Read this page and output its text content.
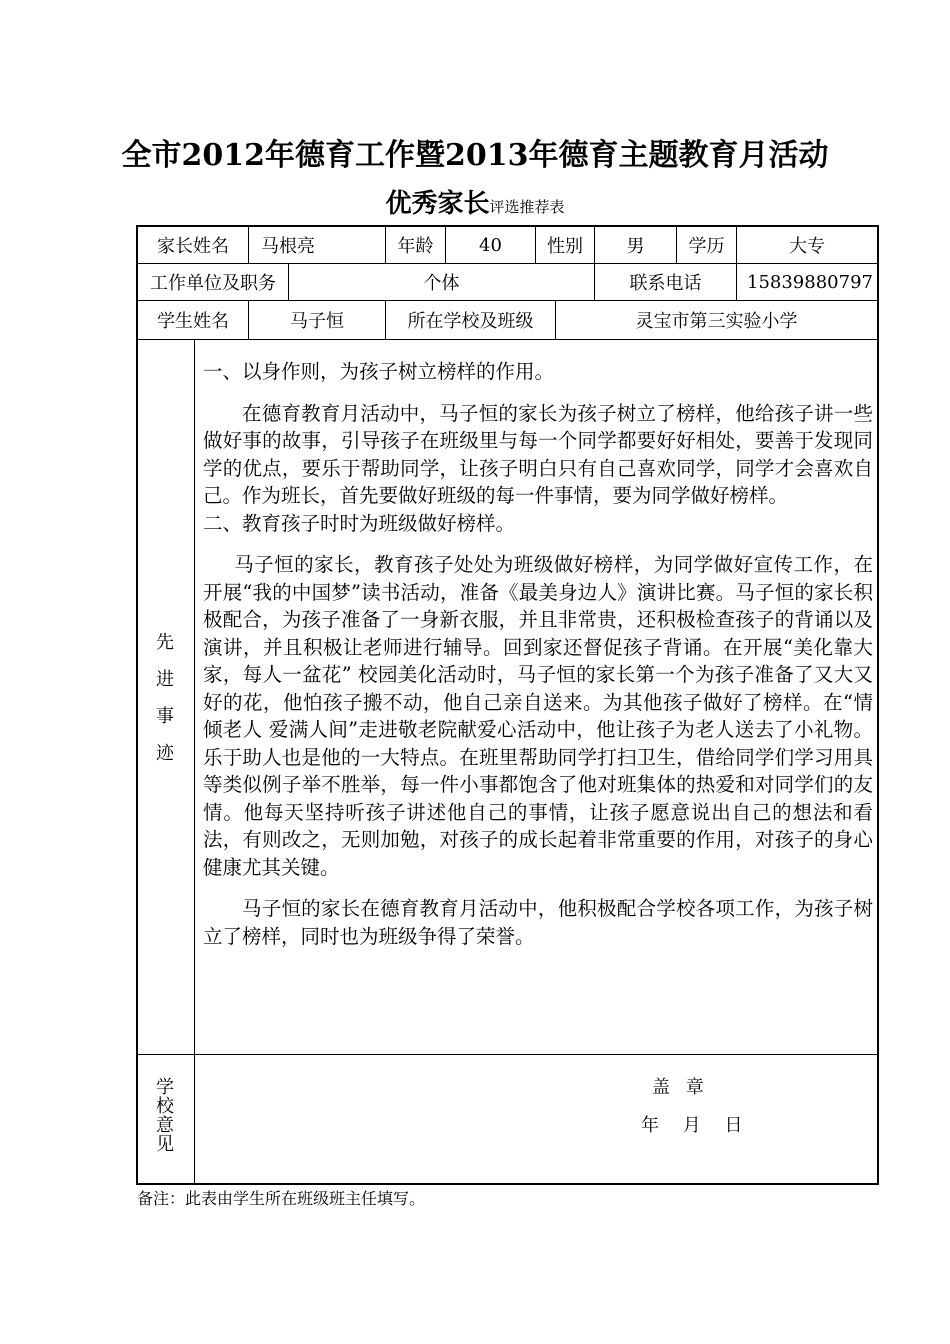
全市2012年德育工作暨2013年德育主题教育月活动
优秀家长评选推荐表
家长姓名	马根亮	年龄	40	性别	男	学历	大专
工作单位及职务	个体	联系电话	15839880797
学生姓名	马子恒	所在学校及班级	灵宝市第三实验小学
先
进
事
迹

一、以身作则，为孩子树立榜样的作用。

在德育教育月活动中，马子恒的家长为孩子树立了榜样，他给孩子讲一些做好事的故事，引导孩子在班级里与每一个同学都要好好相处，要善于发现同学的优点，要乐于帮助同学，让孩子明白只有自己喜欢同学，同学才会喜欢自己。作为班长，首先要做好班级的每一件事情，要为同学做好榜样。

二、教育孩子时时为班级做好榜样。

马子恒的家长，教育孩子处处为班级做好榜样，为同学做好宣传工作，在开展“我的中国梦”读书活动，准备《最美身边人》演讲比赛。马子恒的家长积极配合，为孩子准备了一身新衣服，并且非常贵，还积极检查孩子的背诵以及演讲，并且积极让老师进行辅导。回到家还督促孩子背诵。在开展“美化靠大家，每人一盆花” 校园美化活动时，马子恒的家长第一个为孩子准备了又大又好的花，他怕孩子搬不动，他自己亲自送来。为其他孩子做好了榜样。在“情倾老人 爱满人间”走进敬老院献爱心活动中，他让孩子为老人送去了小礼物。乐于助人也是他的一大特点。在班里帮助同学打扫卫生，借给同学们学习用具等类似例子举不胜举，每一件小事都饱含了他对班集体的热爱和对同学们的友情。他每天坚持听孩子讲述他自己的事情，让孩子愿意说出自己的想法和看法，有则改之，无则加勉，对孩子的成长起着非常重要的作用，对孩子的身心健康尤其关键。

马子恒的家长在德育教育月活动中，他积极配合学校各项工作，为孩子树立了榜样，同时也为班级争得了荣誉。

学
校
意
见
盖 章
年 月 日
备注：此表由学生所在班级班主任填写。
